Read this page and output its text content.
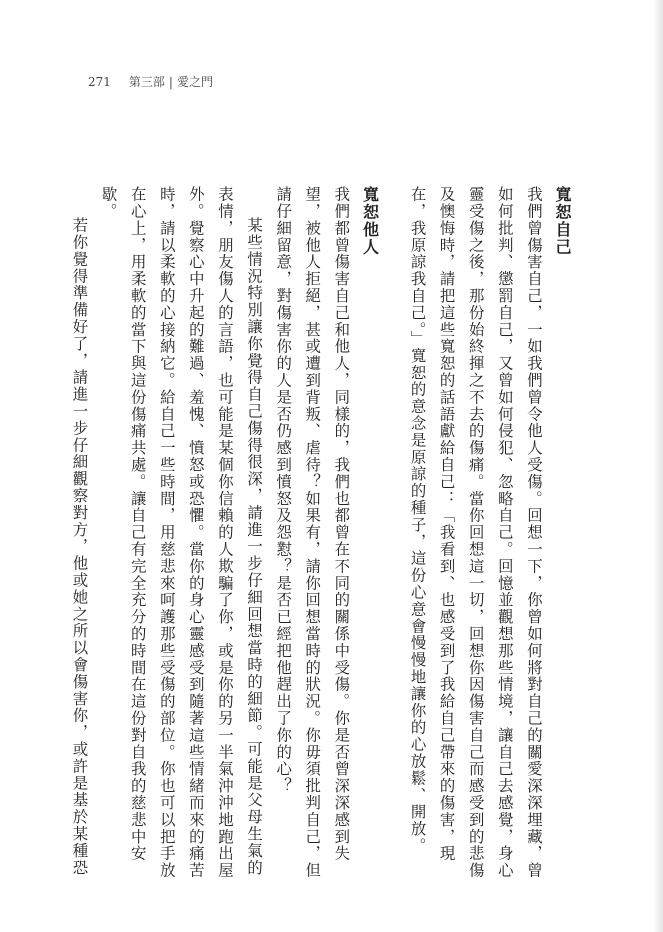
271 第三部 | 愛之門

寬恕自己

我們曾傷害自己，一如我們曾令他人受傷。回想一下，你曾如何將對自己的關愛深深埋藏，曾如何批判、懲罰自己，又曾如何侵犯、忽略自己。回憶並觀想那些情境，讓自己去感覺，身心靈受傷之後，那份始終揮之不去的傷痛。當你回想這一切，回想你因傷害自己而感受到的悲傷及懊悔時，請把這些寬恕的話語獻給自己：「我看到、也感受到了我給自己帶來的傷害，現在，我原諒我自己。」寬恕的意念是原諒的種子，這份心意會慢慢地讓你的心放鬆、開放。

寬恕他人

我們都曾傷害自己和他人，同樣的，我們也都曾在不同的關係中受傷。你是否曾深深感到失望，被他人拒絕，甚或遭到背叛、虐待？如果有，請你回想當時的狀況。你毋須批判自己，但請仔細留意，對傷害你的人是否仍感到憤怒及怨懟？是否已經把他趕出了你的心？

某些情況特別讓你覺得自己傷得很深，請進一步仔細回想當時的細節。可能是父母生氣的表情，朋友傷人的言語，也可能是某個你信賴的人欺騙了你，或是你的另一半氣沖沖地跑出屋外。覺察心中升起的難過、羞愧、憤怒或恐懼。當你的身心靈感受到隨著這些情緒而來的痛苦時，請以柔軟的心接納它。給自己一些時間，用慈悲來呵護那些受傷的部位。你也可以把手放在心上，用柔軟的當下與這份傷痛共處。讓自己有完全充分的時間在這份對自我的慈悲中安歇。

若你覺得準備好了，請進一步仔細觀察對方，他或她之所以會傷害你，或許是基於某種恐
